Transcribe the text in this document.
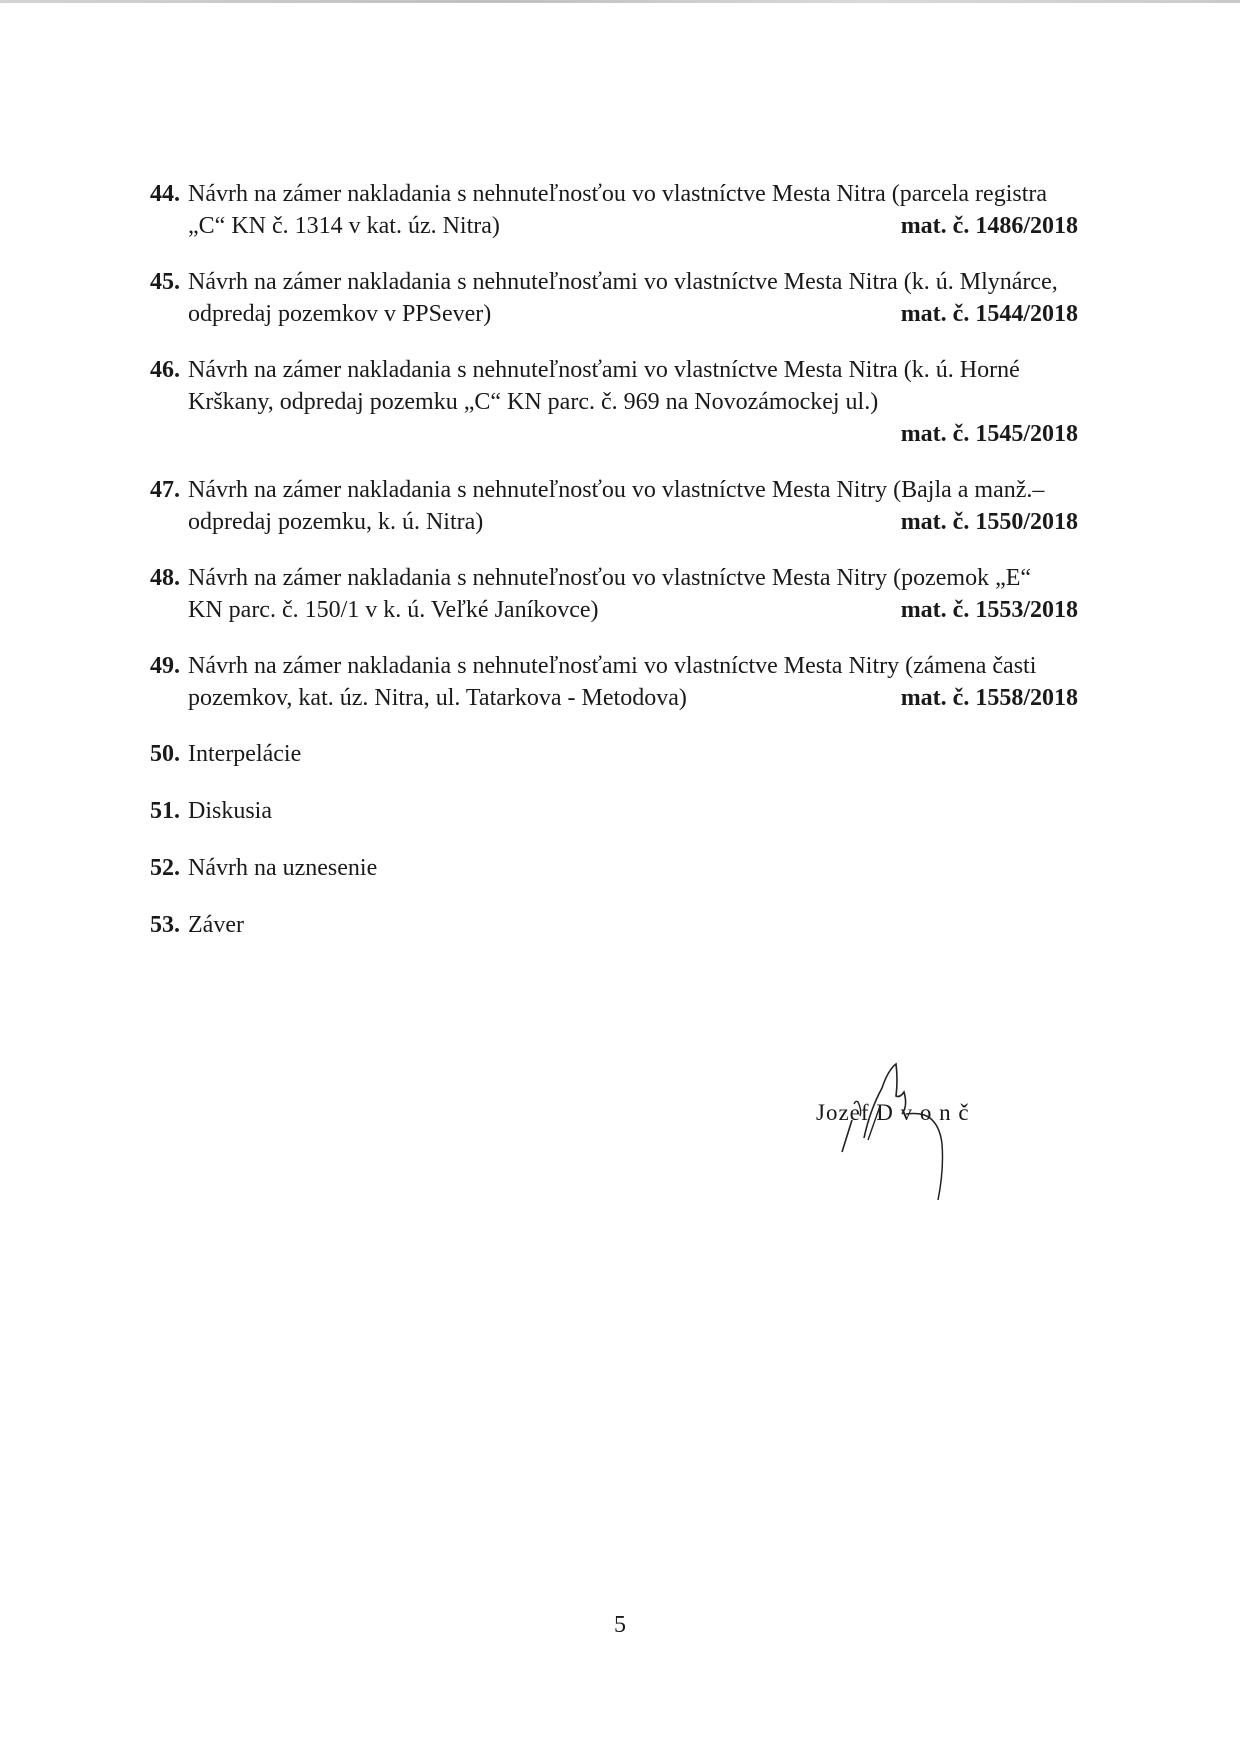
44. Návrh na zámer nakladania s nehnuteľnosťou vo vlastníctve Mesta Nitra (parcela registra
„C“ KN č. 1314 v kat. úz. Nitra)	mat. č. 1486/2018
45. Návrh na zámer nakladania s nehnuteľnosťami vo vlastníctve Mesta Nitra (k. ú. Mlynárce,
odpredaj pozemkov v PPSever)	mat. č. 1544/2018
46. Návrh na zámer nakladania s nehnuteľnosťami vo vlastníctve Mesta Nitra (k. ú. Horné
Krškany, odpredaj pozemku „C“ KN parc. č. 969 na Novozámockej ul.)
mat. č. 1545/2018
47. Návrh na zámer nakladania s nehnuteľnosťou vo vlastníctve Mesta Nitry (Bajla a manž.–
odpredaj pozemku, k. ú. Nitra)	mat. č. 1550/2018
48. Návrh na zámer nakladania s nehnuteľnosťou vo vlastníctve Mesta Nitry (pozemok „E“
KN parc. č. 150/1 v k. ú. Veľké Janíkovce)	mat. č. 1553/2018
49. Návrh na zámer nakladania s nehnuteľnosťami vo vlastníctve Mesta Nitry (zámena časti
pozemkov, kat. úz. Nitra, ul. Tatarkova - Metodova)	mat. č. 1558/2018
50. Interpelácie
51. Diskusia
52. Návrh na uznesenie
53. Záver
Jozef D v o n č
5
